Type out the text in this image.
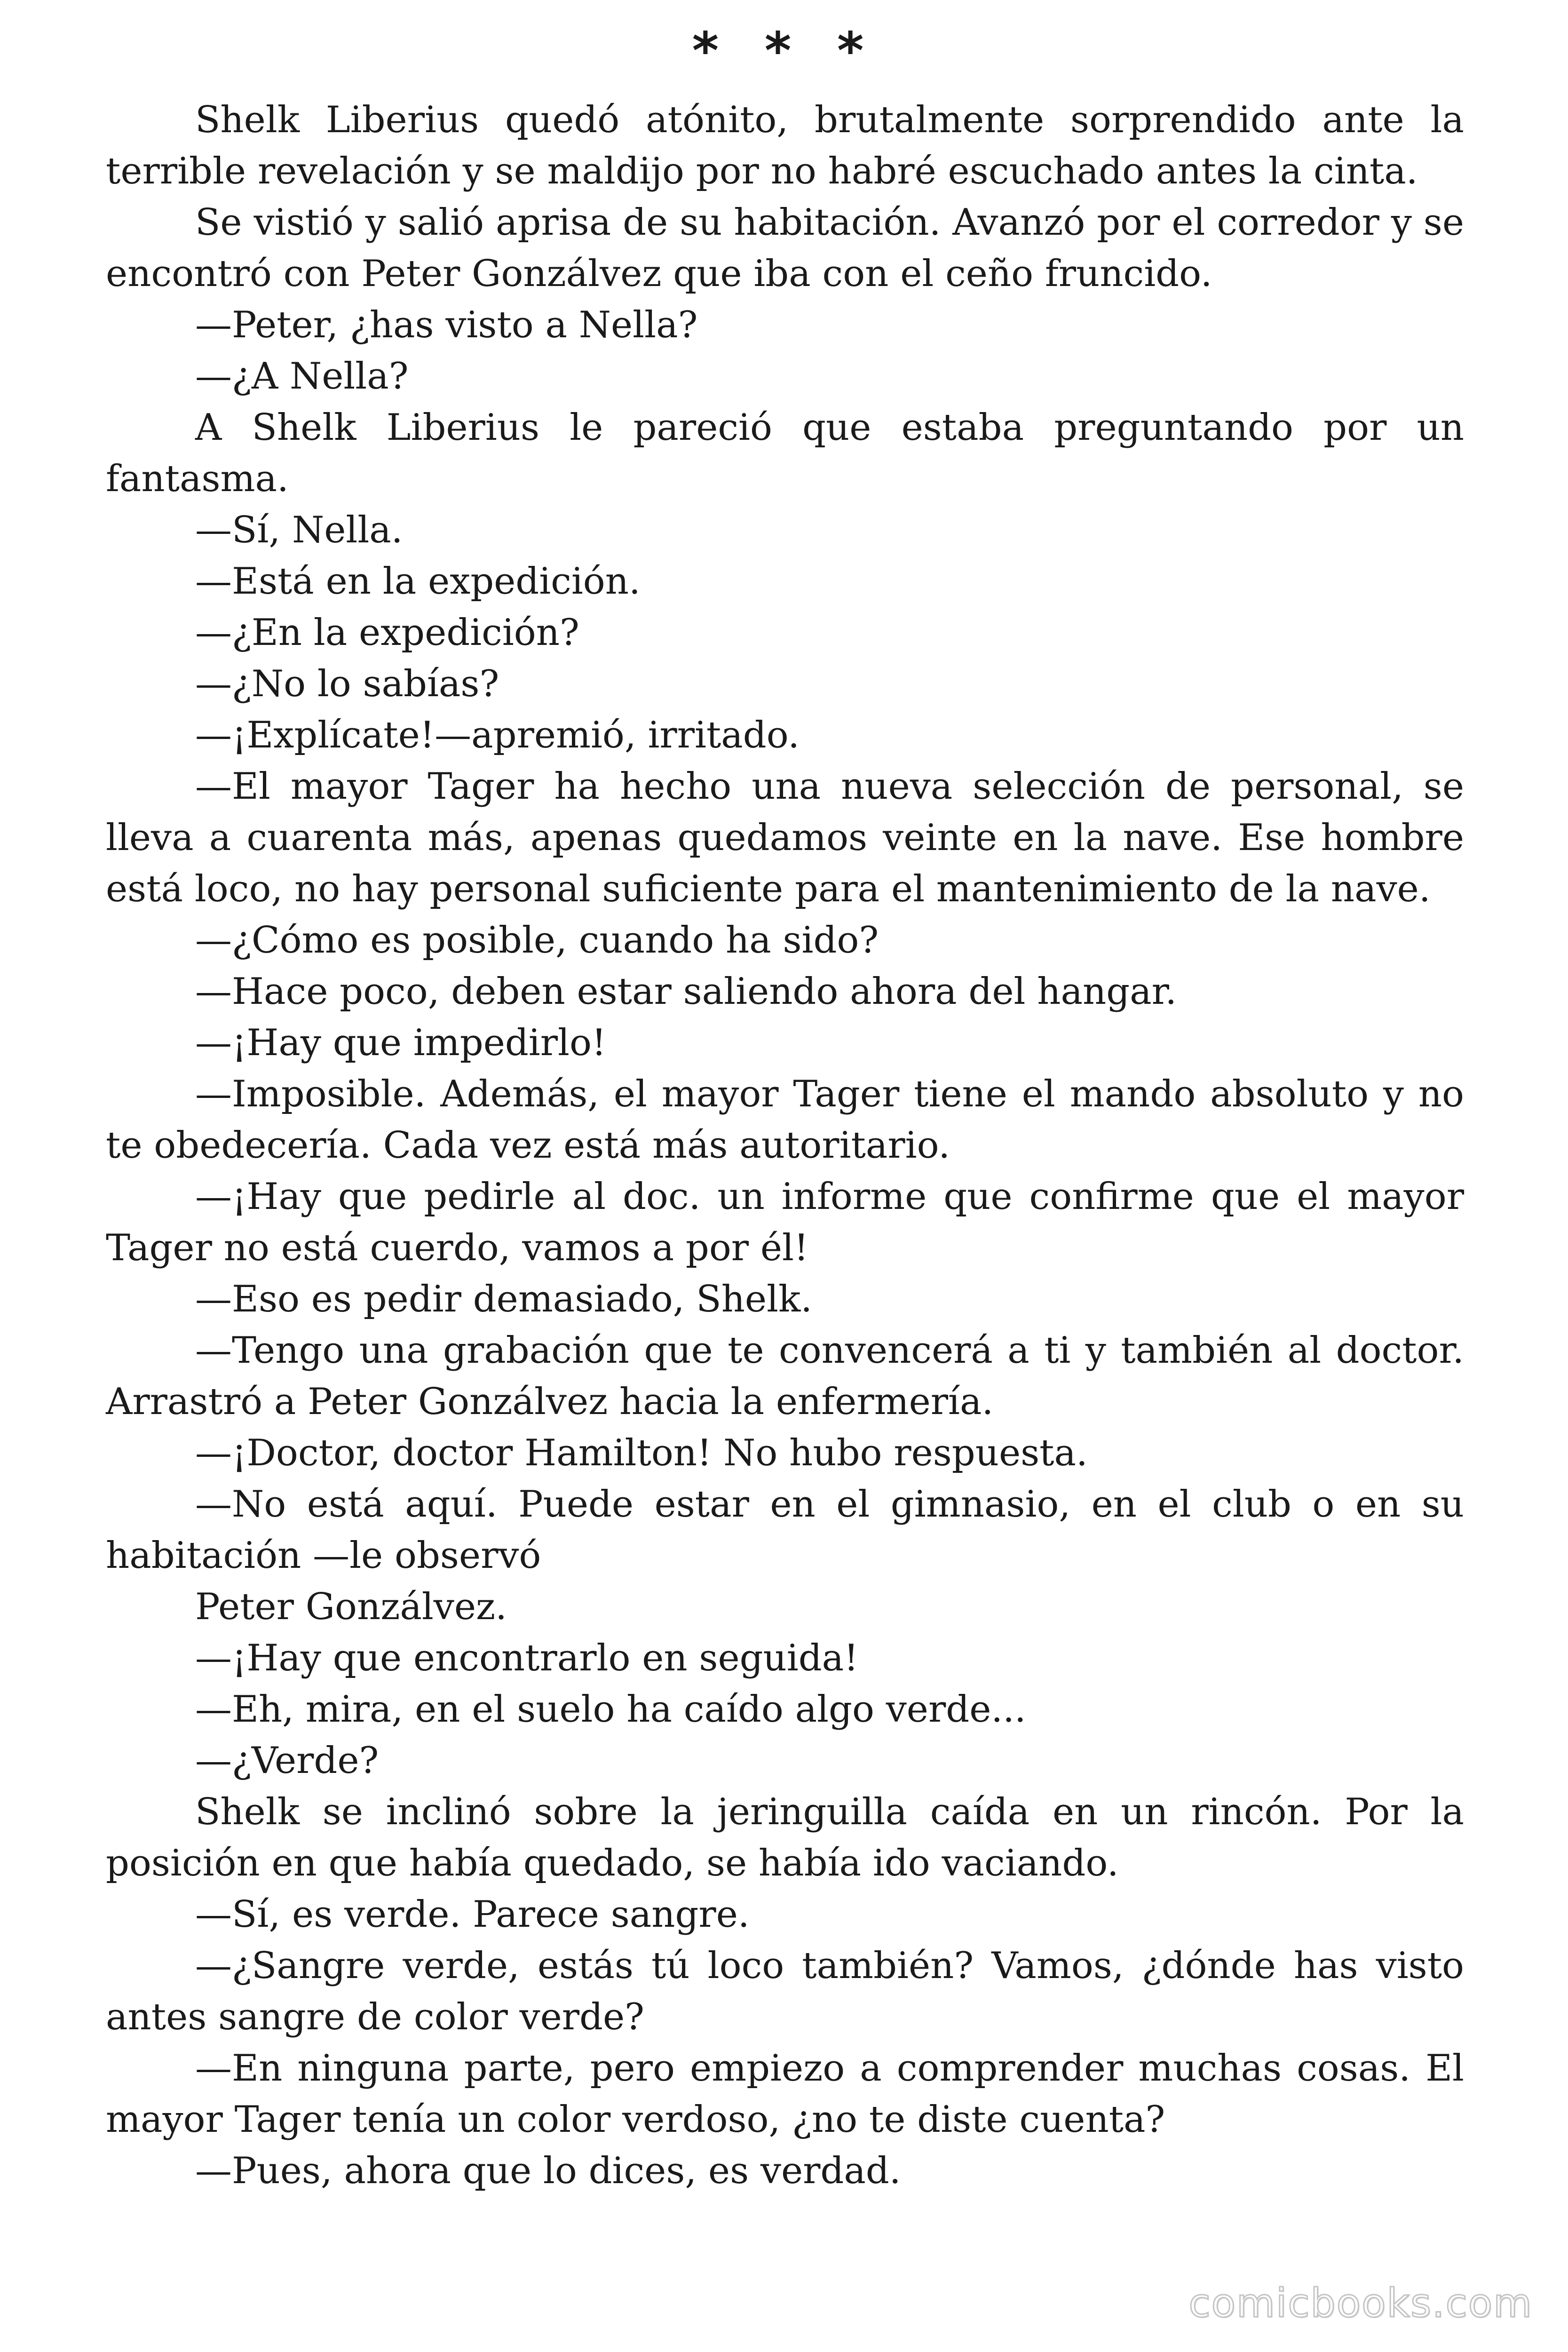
* * *

Shelk Liberius quedó atónito, brutalmente sorprendido ante la terrible revelación y se maldijo por no habré escuchado antes la cinta.

Se vistió y salió aprisa de su habitación. Avanzó por el corredor y se encontró con Peter Gonzálvez que iba con el ceño fruncido.

—Peter, ¿has visto a Nella?

—¿A Nella?

A Shelk Liberius le pareció que estaba preguntando por un fantasma.

—Sí, Nella.

—Está en la expedición.

—¿En la expedición?

—¿No lo sabías?

—¡Explícate!—apremió, irritado.

—El mayor Tager ha hecho una nueva selección de personal, se lleva a cuarenta más, apenas quedamos veinte en la nave. Ese hombre está loco, no hay personal suficiente para el mantenimiento de la nave.

—¿Cómo es posible, cuando ha sido?

—Hace poco, deben estar saliendo ahora del hangar.

—¡Hay que impedirlo!

—Imposible. Además, el mayor Tager tiene el mando absoluto y no te obedecería. Cada vez está más autoritario.

—¡Hay que pedirle al doc. un informe que confirme que el mayor Tager no está cuerdo, vamos a por él!

—Eso es pedir demasiado, Shelk.

—Tengo una grabación que te convencerá a ti y también al doctor. Arrastró a Peter Gonzálvez hacia la enfermería.

—¡Doctor, doctor Hamilton! No hubo respuesta.

—No está aquí. Puede estar en el gimnasio, en el club o en su habitación —le observó

Peter Gonzálvez.

—¡Hay que encontrarlo en seguida!

—Eh, mira, en el suelo ha caído algo verde...

—¿Verde?

Shelk se inclinó sobre la jeringuilla caída en un rincón. Por la posición en que había quedado, se había ido vaciando.

—Sí, es verde. Parece sangre.

—¿Sangre verde, estás tú loco también? Vamos, ¿dónde has visto antes sangre de color verde?

—En ninguna parte, pero empiezo a comprender muchas cosas. El mayor Tager tenía un color verdoso, ¿no te diste cuenta?

—Pues, ahora que lo dices, es verdad.

comicbooks.com
